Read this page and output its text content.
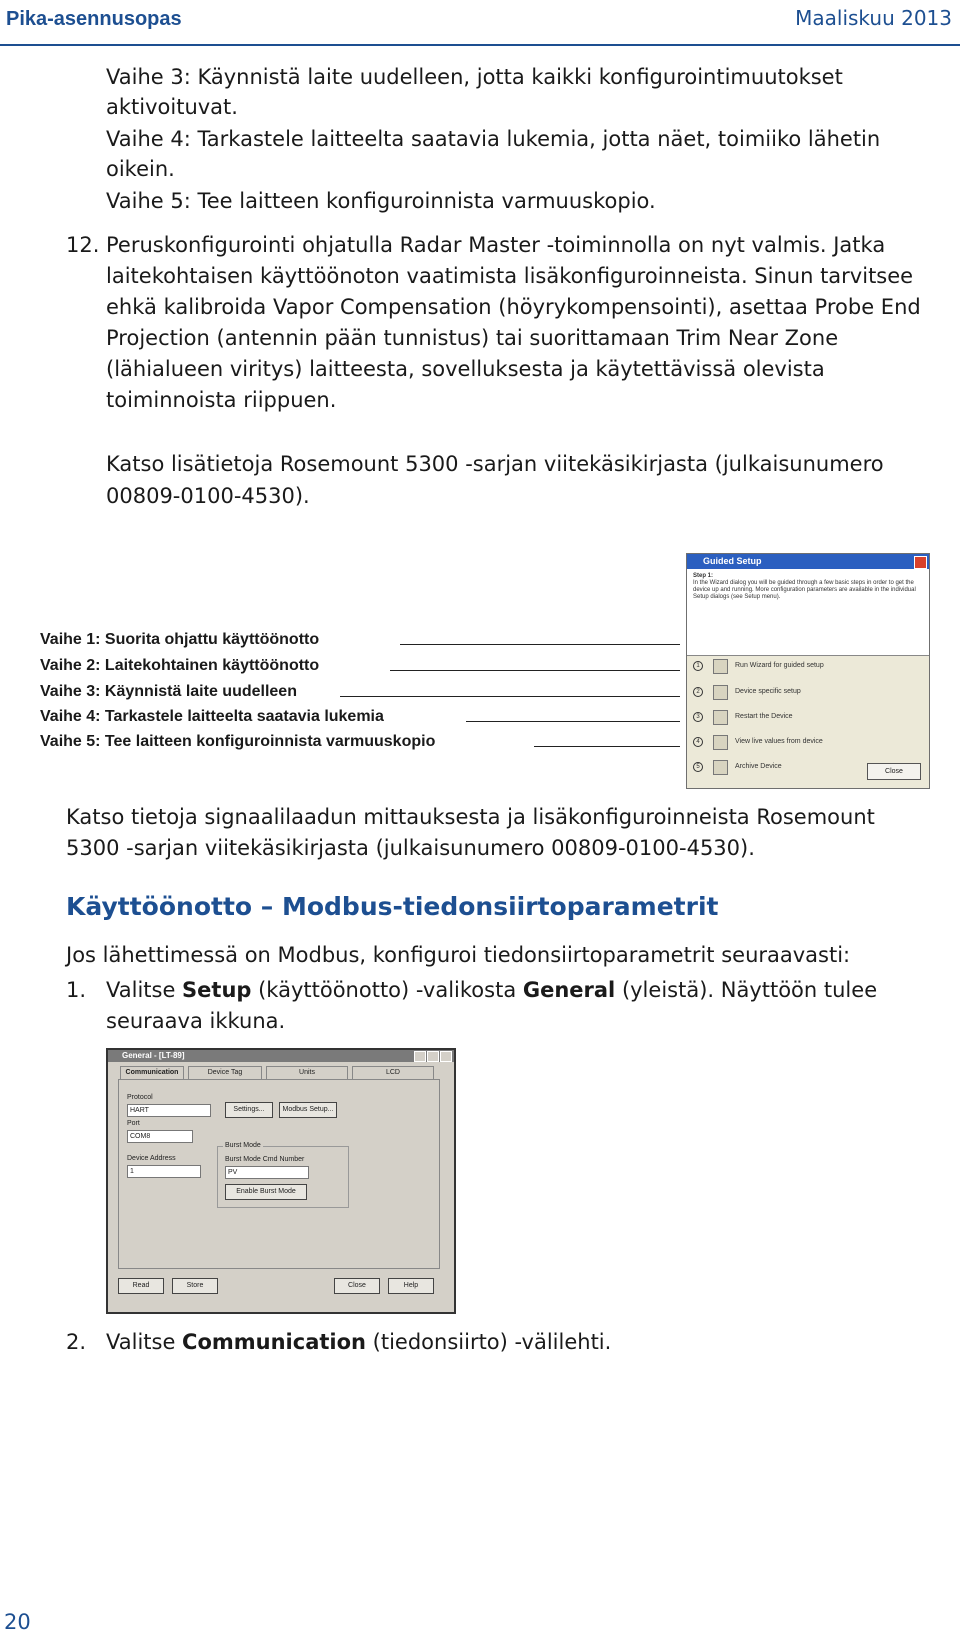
Pika-asennusopas	Maaliskuu 2013

Vaihe 3: Käynnistä laite uudelleen, jotta kaikki konfigurointimuutokset

aktivoituvat.

Vaihe 4: Tarkastele laitteelta saatavia lukemia, jotta näet, toimiiko lähetin

oikein.

Vaihe 5: Tee laitteen konfiguroinnista varmuuskopio.

12. Peruskonfigurointi ohjatulla Radar Master -toiminnolla on nyt valmis. Jatka

laitekohtaisen käyttöönoton vaatimista lisäkonfiguroinneista. Sinun tarvitsee

ehkä kalibroida Vapor Compensation (höyrykompensointi), asettaa Probe End

Projection (antennin pään tunnistus) tai suorittamaan Trim Near Zone

(lähialueen viritys) laitteesta, sovelluksesta ja käytettävissä olevista

toiminnoista riippuen.

Katso lisätietoja Rosemount 5300 -sarjan viitekäsikirjasta (julkaisunumero

00809-0100-4530).

Vaihe 1: Suorita ohjattu käyttöönotto
Vaihe 2: Laitekohtainen käyttöönotto
Vaihe 3: Käynnistä laite uudelleen
Vaihe 4: Tarkastele laitteelta saatavia lukemia
Vaihe 5: Tee laitteen konfiguroinnista varmuuskopio
Guided Setup
Step 1:
In the Wizard dialog you will be guided through a few basic steps in order to get the device up and running. More configuration parameters are available in the individual Setup dialogs (see Setup menu).
1	Run Wizard for guided setup
2	Device specific setup
3	Restart the Device
4	View live values from device
5	Archive Device
Close

Katso tietoja signaalilaadun mittauksesta ja lisäkonfiguroinneista Rosemount

5300 -sarjan viitekäsikirjasta (julkaisunumero 00809-0100-4530).

Käyttöönotto – Modbus-tiedonsiirtoparametrit

Jos lähettimessä on Modbus, konfiguroi tiedonsiirtoparametrit seuraavasti:

1. Valitse Setup (käyttöönotto) -valikosta General (yleistä). Näyttöön tulee

seuraava ikkuna.

General - [LT-89]
Communication	Device Tag	Units	LCD
Protocol
HART	Settings...	Modbus Setup...
Port
COM8
Device Address
1
Burst Mode
Burst Mode Cmd Number
PV
Enable Burst Mode
Read	Store	Close	Help

2. Valitse Communication (tiedonsiirto) -välilehti.

20
